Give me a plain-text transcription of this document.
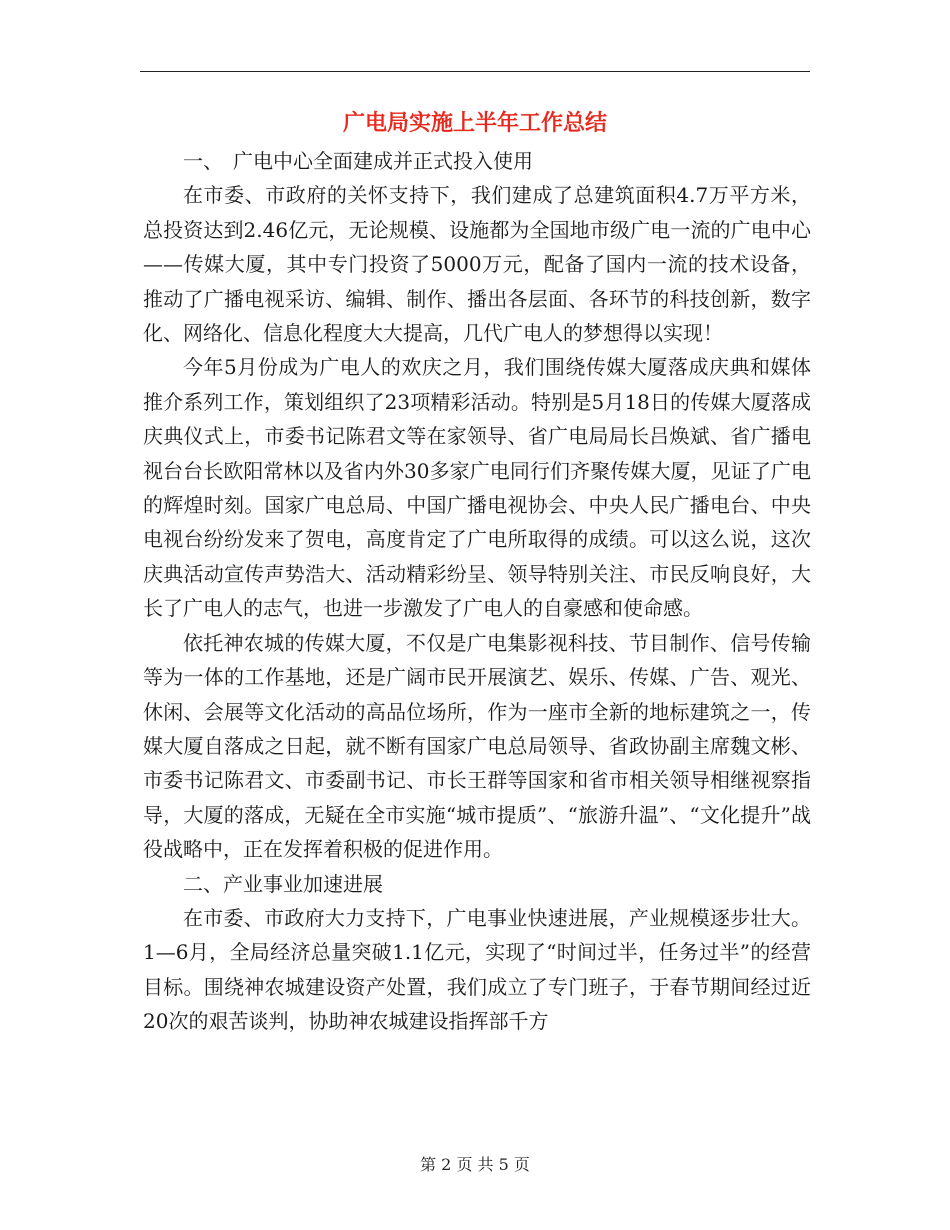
广电局实施上半年工作总结

一、　广电中心全面建成并正式投入使用

在市委、市政府的关怀支持下，我们建成了总建筑面积4.7万平方米，总投资达到2.46亿元，无论规模、设施都为全国地市级广电一流的广电中心——传媒大厦，其中专门投资了5000万元，配备了国内一流的技术设备，推动了广播电视采访、编辑、制作、播出各层面、各环节的科技创新，数字化、网络化、信息化程度大大提高，几代广电人的梦想得以实现！

今年5月份成为广电人的欢庆之月，我们围绕传媒大厦落成庆典和媒体推介系列工作，策划组织了23项精彩活动。特别是5月18日的传媒大厦落成庆典仪式上，市委书记陈君文等在家领导、省广电局局长吕焕斌、省广播电视台台长欧阳常林以及省内外30多家广电同行们齐聚传媒大厦，见证了广电的辉煌时刻。国家广电总局、中国广播电视协会、中央人民广播电台、中央电视台纷纷发来了贺电，高度肯定了广电所取得的成绩。可以这么说，这次庆典活动宣传声势浩大、活动精彩纷呈、领导特别关注、市民反响良好，大长了广电人的志气，也进一步激发了广电人的自豪感和使命感。

依托神农城的传媒大厦，不仅是广电集影视科技、节目制作、信号传输等为一体的工作基地，还是广阔市民开展演艺、娱乐、传媒、广告、观光、休闲、会展等文化活动的高品位场所，作为一座市全新的地标建筑之一，传媒大厦自落成之日起，就不断有国家广电总局领导、省政协副主席魏文彬、市委书记陈君文、市委副书记、市长王群等国家和省市相关领导相继视察指导，大厦的落成，无疑在全市实施“城市提质”、“旅游升温”、“文化提升”战役战略中，正在发挥着积极的促进作用。

二、产业事业加速进展

在市委、市政府大力支持下，广电事业快速进展，产业规模逐步壮大。1—6月，全局经济总量突破1.1亿元，实现了“时间过半，任务过半”的经营目标。围绕神农城建设资产处置，我们成立了专门班子，于春节期间经过近20次的艰苦谈判，协助神农城建设指挥部千方

第 2 页 共 5 页
